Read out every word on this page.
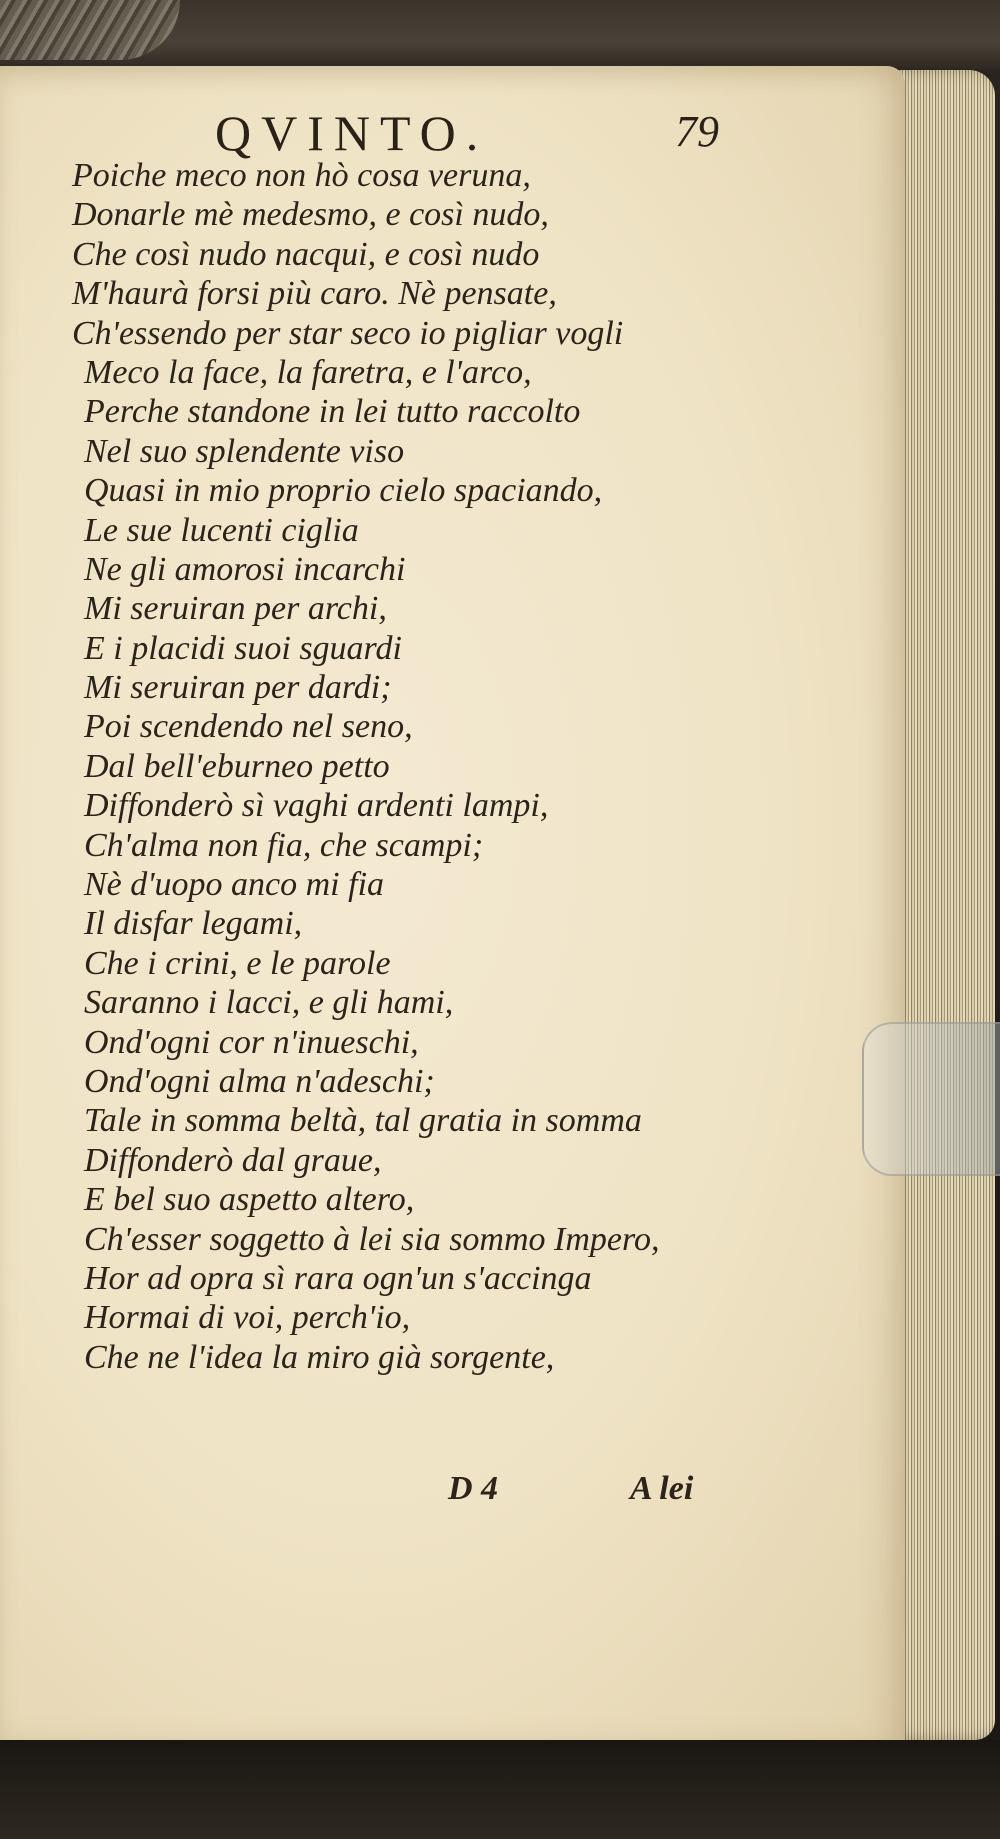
QVINTO.	79
Poiche meco non hò cosa veruna,
Donarle mè medesmo, e così nudo,
Che così nudo nacqui, e così nudo
M'haurà forsi più caro. Nè pensate,
Ch'essendo per star seco io pigliar vogli
Meco la face, la faretra, e l'arco,
Perche standone in lei tutto raccolto
Nel suo splendente viso
Quasi in mio proprio cielo spaciando,
Le sue lucenti ciglia
Ne gli amorosi incarchi
Mi seruiran per archi,
E i placidi suoi sguardi
Mi seruiran per dardi;
Poi scendendo nel seno,
Dal bell'eburneo petto
Diffonderò sì vaghi ardenti lampi,
Ch'alma non fia, che scampi;
Nè d'uopo anco mi fia
Il disfar legami,
Che i crini, e le parole
Saranno i lacci, e gli hami,
Ond'ogni cor n'inueschi,
Ond'ogni alma n'adeschi;
Tale in somma beltà, tal gratia in somma
Diffonderò dal graue,
E bel suo aspetto altero,
Ch'esser soggetto à lei sia sommo Impero,
Hor ad opra sì rara ogn'un s'accinga
Hormai di voi, perch'io,
Che ne l'idea la miro già sorgente,
D 4	A lei
